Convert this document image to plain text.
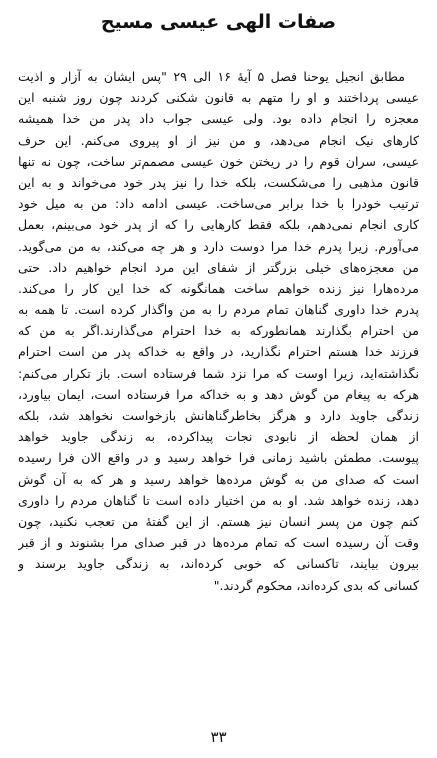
صفات الهی عیسی مسیح
مطابق انجیل یوحنا فصل ۵ آیهٔ ۱۶ الی ۲۹ "پس ایشان به آزار و اذیت
عیسی پرداختند و او را متهم به قانون شکنی کردند چون روز شنبه این
معجزه را انجام داده بود. ولی عیسی جواب داد پدر من خدا همیشه
کارهای نیک انجام می‌دهد، و من نیز از او پیروی می‌کنم. این حرف
عیسی، سران قوم را در ریختن خون عیسی مصمم‌تر ساخت، چون نه تنها
قانون مذهبی را می‌شکست، بلکه خدا را نیز پدر خود می‌خواند و به این
ترتیب خودرا با خدا برابر می‌ساخت. عیسی ادامه داد: من به میل خود
کاری انجام نمی‌دهم، بلکه فقط کارهایی را که از پدر خود می‌بینم، بعمل
می‌آورم. زیرا پدرم خدا مرا دوست دارد و هر چه می‌کند، به من می‌گوید.
من معجزه‌های خیلی بزرگتر از شفای این مرد انجام خواهیم داد. حتی
مرده‌هارا نیز زنده خواهم ساخت همانگونه که خدا این کار را می‌کند.
پدرم خدا داوری گناهان تمام مردم را به من واگذار کرده است. تا همه به
من احترام بگذارند همانطورکه به خدا احترام می‌گذارند.اگر به من که
فرزند خدا هستم احترام نگذارید، در واقع به خداکه پدر من است احترام
نگذاشته‌اید، زیرا اوست که مرا نزد شما فرستاده است. باز تکرار می‌کنم:
هرکه به پیغام من گوش دهد و به خداکه مرا فرستاده است، ایمان بیاورد،
زندگی جاوید دارد و هرگز بخاطرگناهانش بازخواست نخواهد شد، بلکه
از همان لحظه از نابودی نجات پیداکرده، به زندگی جاوید خواهد
پیوست. مطمئن باشید زمانی فرا خواهد رسید و در واقع الان فرا رسیده
است که صدای من به گوش مرده‌ها خواهد رسید و هر که به آن گوش
دهد، زنده خواهد شد. او به من اختیار داده است تا گناهان مردم را داوری
کنم چون من پسر انسان نیز هستم. از این گفتهٔ من تعجب نکنید، چون
وقت آن رسیده است که تمام مرده‌ها در قبر صدای مرا بشنوند و از قبر
بیرون بیایند، تاکسانی که خوبی کرده‌اند، به زندگی جاوید برسند و
کسانی که بدی کرده‌اند، محکوم گردند."
۳۳
